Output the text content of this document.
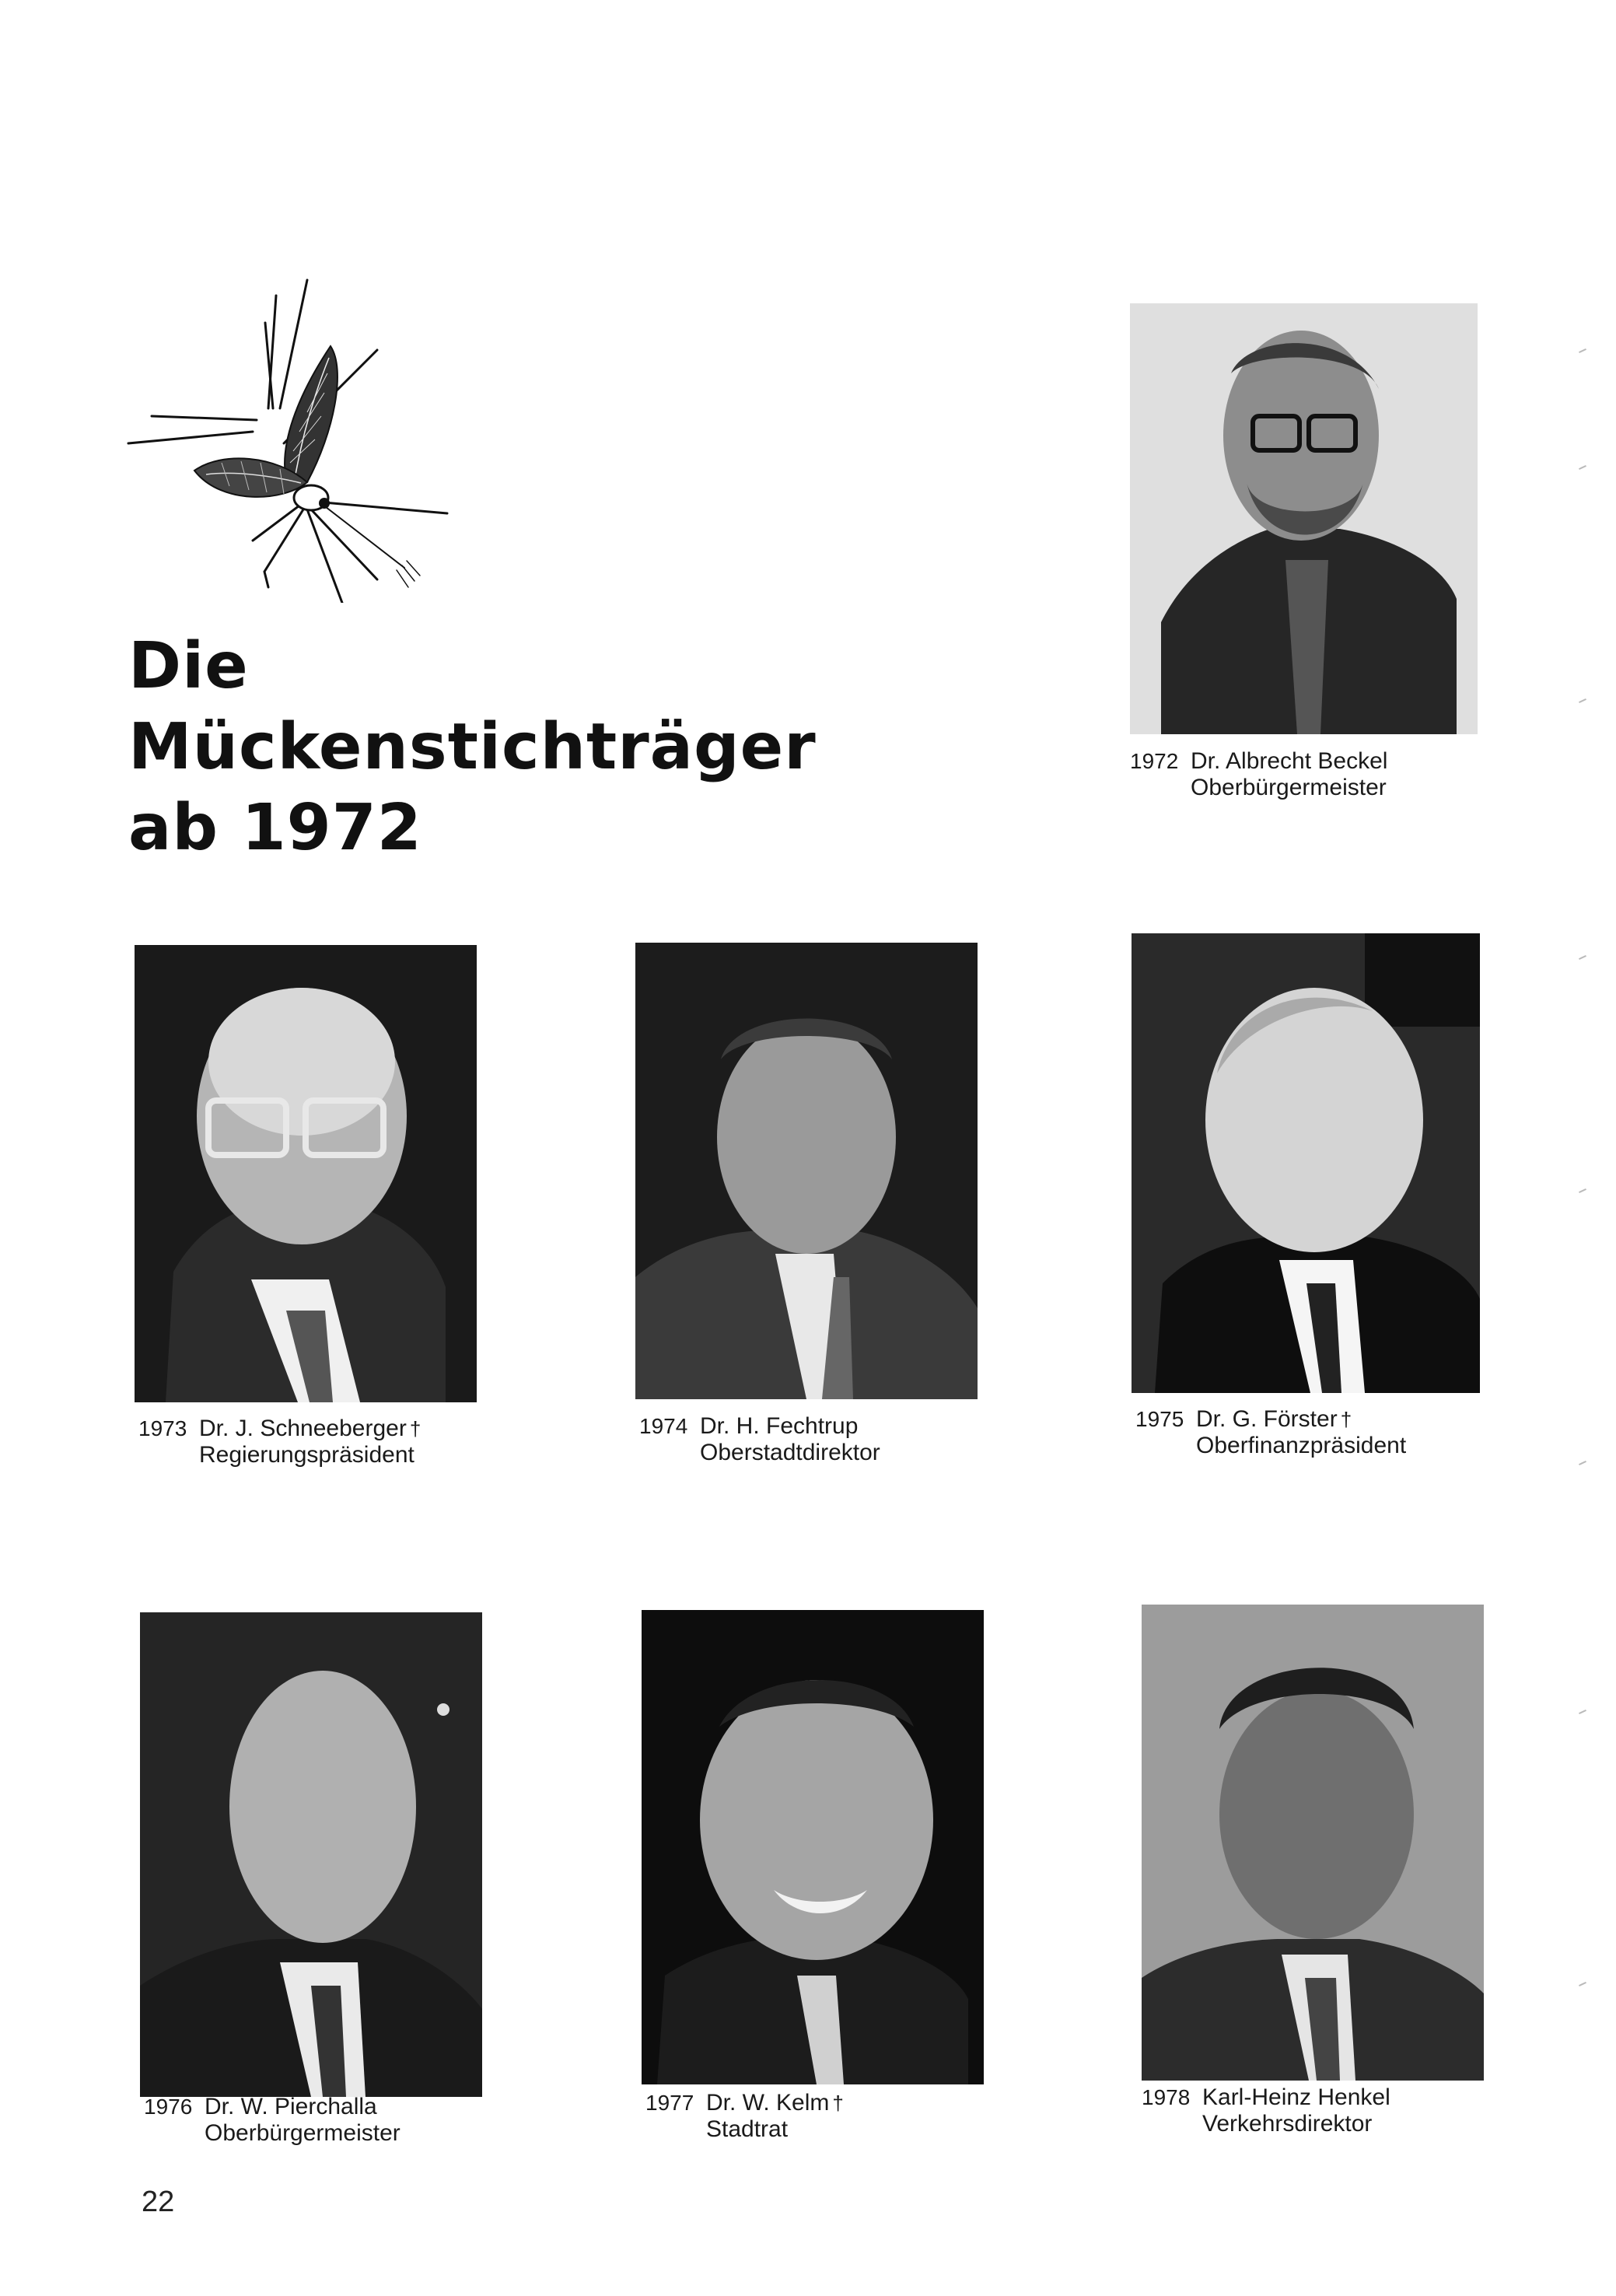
Die
Mückenstichträger
ab 1972
1972 Dr. Albrecht Beckel
Oberbürgermeister
1973 Dr. J. Schneeberger †
Regierungspräsident
1974 Dr. H. Fechtrup
Oberstadtdirektor
1975 Dr. G. Förster †
Oberfinanzpräsident
1976 Dr. W. Pierchalla
Oberbürgermeister
1977 Dr. W. Kelm †
Stadtrat
1978 Karl-Heinz Henkel
Verkehrsdirektor
22
